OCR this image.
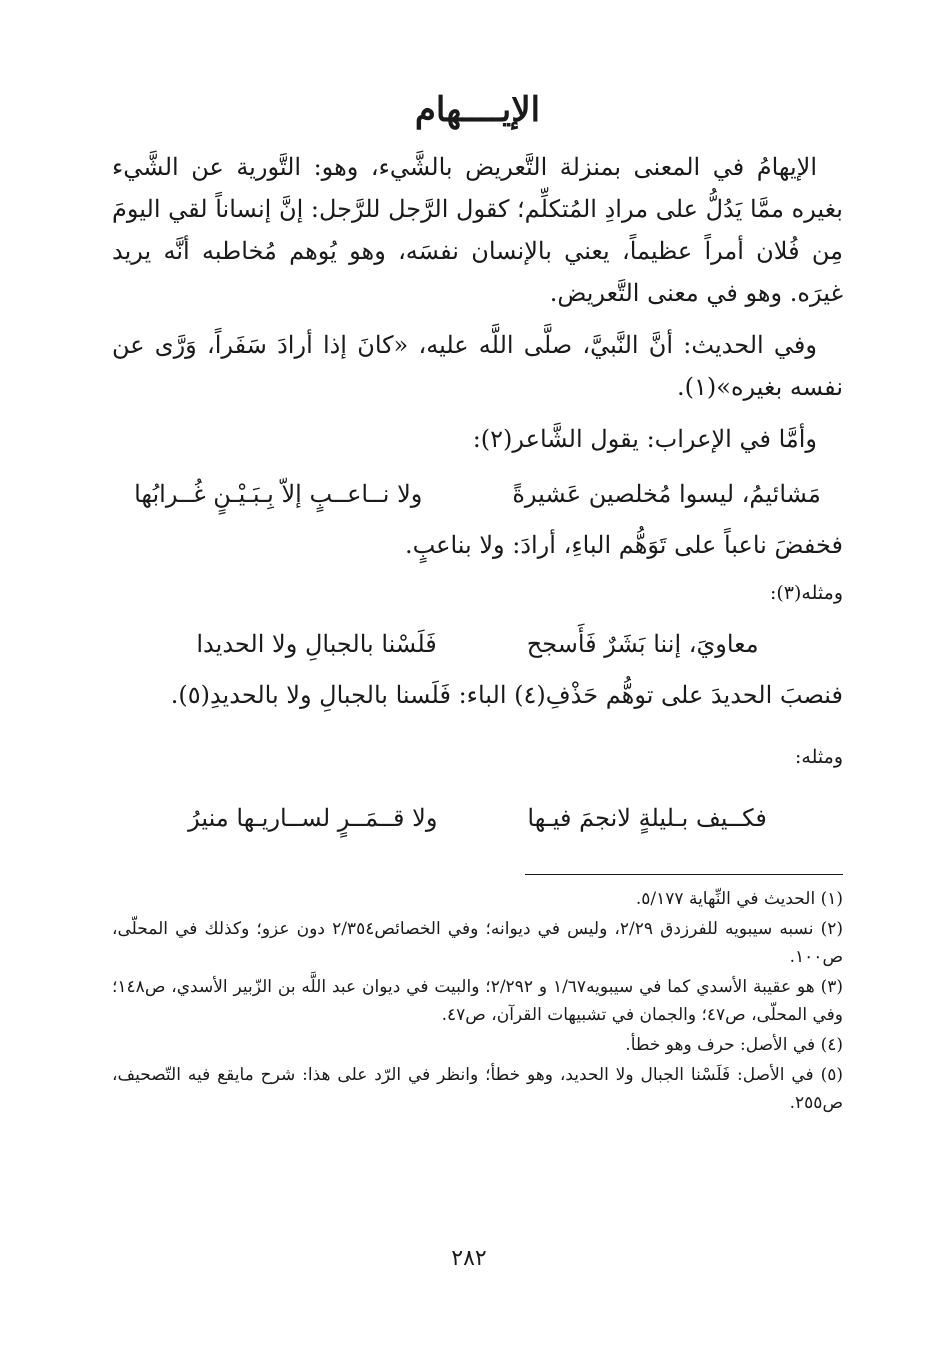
الإيــــهام

الإيهامُ في المعنى بمنزلة التَّعريض بالشَّيء، وهو: التَّورية عن الشَّيء بغيره ممَّا يَدُلُّ على مرادِ المُتكلِّم؛ كقول الرَّجل للرَّجل: إنَّ إنساناً لقي اليومَ مِن فُلان أمراً عظيماً، يعني بالإنسان نفسَه، وهو يُوهم مُخاطبه أنَّه يريد غيرَه. وهو في معنى التَّعريض.

وفي الحديث: أنَّ النَّبيَّ، صلَّى اللَّه عليه، «كانَ إذا أرادَ سَفَراً، وَرَّى عن نفسه بغيره»(١).

وأمَّا في الإعراب: يقول الشَّاعر(٢):

مَشائيمُ، ليسوا مُخلصين عَشيرةً
ولا نــاعــبٍ إلاّ بِـبَـيْـنٍ غُــرابُها

فخفضَ ناعباً على تَوَهُّم الباءِ، أرادَ: ولا بناعبٍ.

ومثله(٣):

معاويَ، إننا بَشَرٌ فَأَسجح
فَلَسْنا بالجبالِ ولا الحديدا

فنصبَ الحديدَ على توهُّم حَذْفِ(٤) الباء: فَلَسنا بالجبالِ ولا بالحديدِ(٥).

ومثله:

فكــيف بـليلةٍ لانجمَ فيـها
ولا قــمَــرٍ لســاريـها منيرُ
(١) الحديث في النِّهاية ٥/١٧٧.
(٢) نسبه سيبويه للفرزدق ٢/٢٩، وليس في ديوانه؛ وفي الخصائص٢/٣٥٤ دون عزو؛ وكذلك في المحلّى، ص١٠٠.
(٣) هو عقيبة الأسدي كما في سيبويه١/٦٧ و ٢/٢٩٢؛ والبيت في ديوان عبد اللَّه بن الزّبير الأسدي، ص١٤٨؛ وفي المحلّى، ص٤٧؛ والجمان في تشبيهات القرآن، ص٤٧.
(٤) في الأصل: حرف وهو خطأ.
(٥) في الأصل: فَلَسْنا الجبال ولا الحديد، وهو خطأ؛ وانظر في الرّد على هذا: شرح مايقع فيه التّصحيف، ص٢٥٥.
٢٨٢
